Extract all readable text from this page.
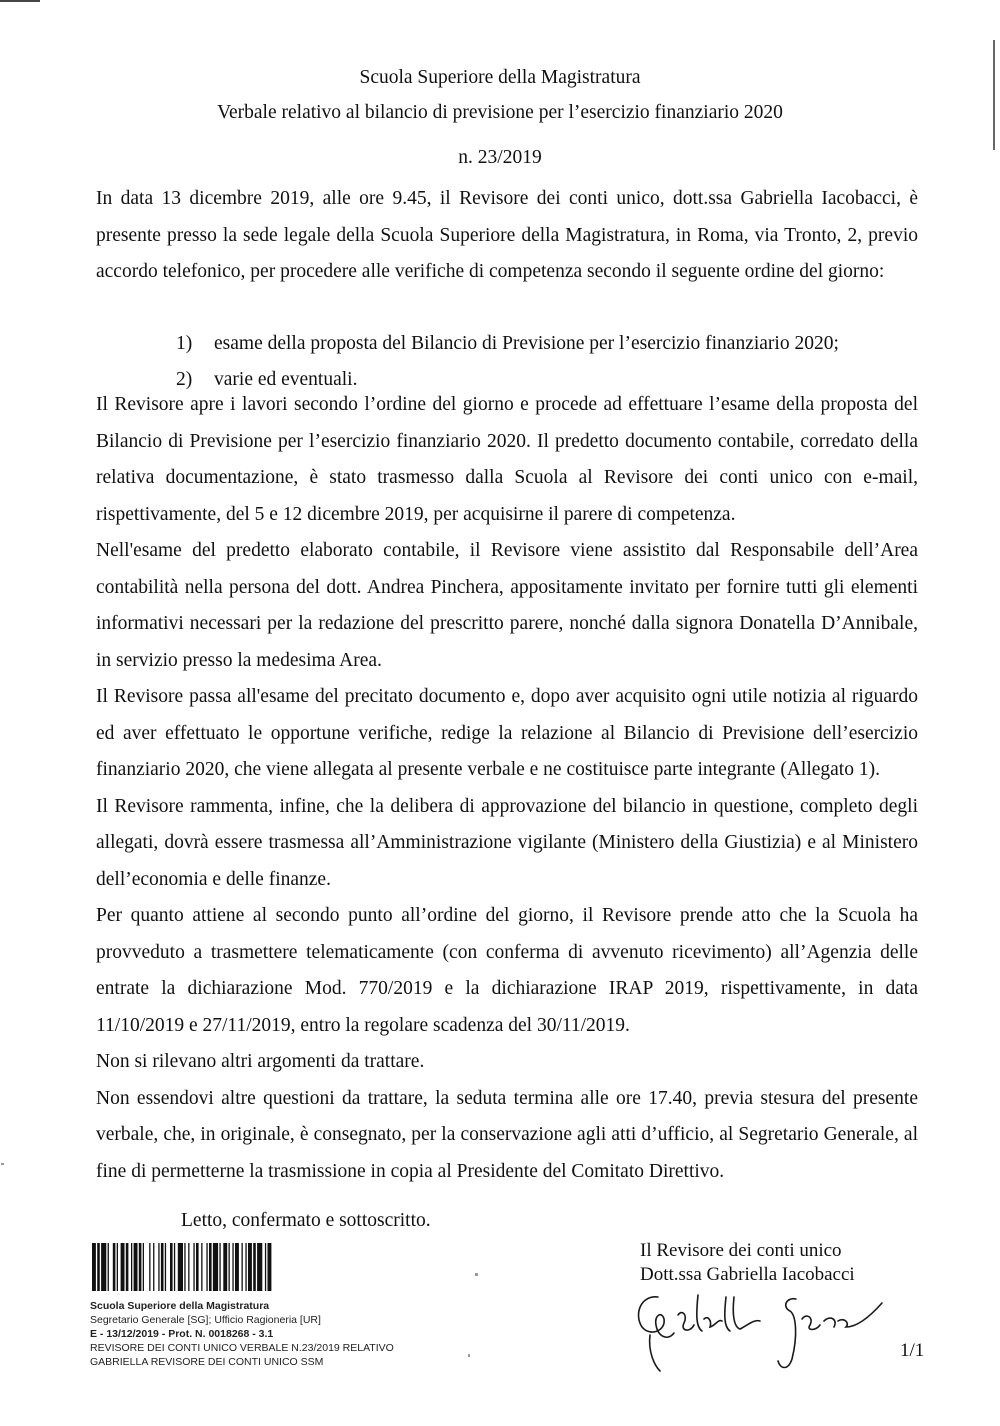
Scuola Superiore della Magistratura
Verbale relativo al bilancio di previsione per l’esercizio finanziario 2020
n. 23/2019

In data 13 dicembre 2019, alle ore 9.45, il Revisore dei conti unico, dott.ssa Gabriella Iacobacci, è presente presso la sede legale della Scuola Superiore della Magistratura, in Roma, via Tronto, 2, previo accordo telefonico, per procedere alle verifiche di competenza secondo il seguente ordine del giorno:

1) esame della proposta del Bilancio di Previsione per l’esercizio finanziario 2020;
2) varie ed eventuali.

Il Revisore apre i lavori secondo l’ordine del giorno e procede ad effettuare l’esame della proposta del Bilancio di Previsione per l’esercizio finanziario 2020. Il predetto documento contabile, corredato della relativa documentazione, è stato trasmesso dalla Scuola al Revisore dei conti unico con e-mail, rispettivamente, del 5 e 12 dicembre 2019, per acquisirne il parere di competenza.

Nell'esame del predetto elaborato contabile, il Revisore viene assistito dal Responsabile dell’Area contabilità nella persona del dott. Andrea Pinchera, appositamente invitato per fornire tutti gli elementi informativi necessari per la redazione del prescritto parere, nonché dalla signora Donatella D’Annibale, in servizio presso la medesima Area.

Il Revisore passa all'esame del precitato documento e, dopo aver acquisito ogni utile notizia al riguardo ed aver effettuato le opportune verifiche, redige la relazione al Bilancio di Previsione dell’esercizio finanziario 2020, che viene allegata al presente verbale e ne costituisce parte integrante (Allegato 1).

Il Revisore rammenta, infine, che la delibera di approvazione del bilancio in questione, completo degli allegati, dovrà essere trasmessa all’Amministrazione vigilante (Ministero della Giustizia) e al Ministero dell’economia e delle finanze.

Per quanto attiene al secondo punto all’ordine del giorno, il Revisore prende atto che la Scuola ha provveduto a trasmettere telematicamente (con conferma di avvenuto ricevimento) all’Agenzia delle entrate la dichiarazione Mod. 770/2019 e la dichiarazione IRAP 2019, rispettivamente, in data 11/10/2019 e 27/11/2019, entro la regolare scadenza del 30/11/2019.

Non si rilevano altri argomenti da trattare.

Non essendovi altre questioni da trattare, la seduta termina alle ore 17.40, previa stesura del presente verbale, che, in originale, è consegnato, per la conservazione agli atti d’ufficio, al Segretario Generale, al fine di permetterne la trasmissione in copia al Presidente del Comitato Direttivo.

Letto, confermato e sottoscritto.
Scuola Superiore della Magistratura
Segretario Generale [SG]; Ufficio Ragioneria [UR]
E - 13/12/2019 - Prot. N. 0018268 - 3.1
REVISORE DEI CONTI UNICO VERBALE N.23/2019 RELATIVO
GABRIELLA REVISORE DEI CONTI UNICO SSM
Il Revisore dei conti unico
Dott.ssa Gabriella Iacobacci
1/1
